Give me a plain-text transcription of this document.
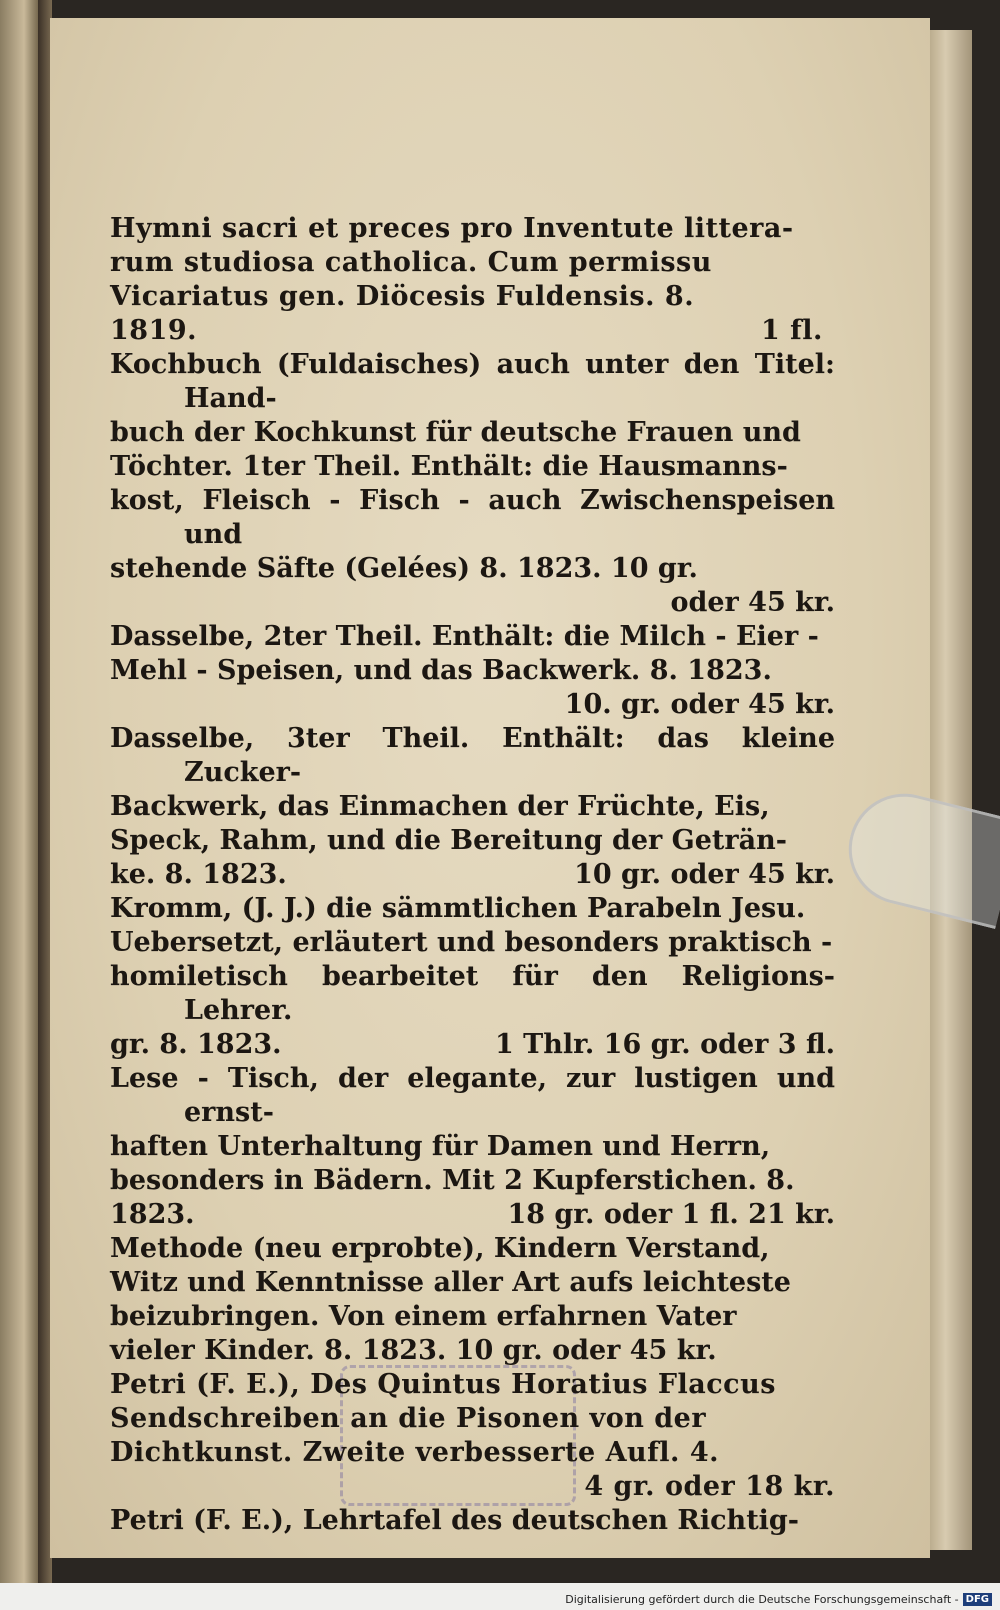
Hymni sacri et preces pro Inventute littera-
rum studiosa catholica. Cum permissu
Vicariatus gen. Diöcesis Fuldensis. 8.
1819.	1 fl.

Kochbuch (Fuldaisches) auch unter den Titel: Hand-
buch der Kochkunst für deutsche Frauen und
Töchter. 1ter Theil. Enthält: die Hausmanns-
kost, Fleisch - Fisch - auch Zwischenspeisen und
stehende Säfte (Gelées) 8. 1823. 10 gr.
oder 45 kr.

Dasselbe, 2ter Theil. Enthält: die Milch - Eier -
Mehl - Speisen, und das Backwerk. 8. 1823.
10. gr. oder 45 kr.

Dasselbe, 3ter Theil. Enthält: das kleine Zucker-
Backwerk, das Einmachen der Früchte, Eis,
Speck, Rahm, und die Bereitung der Geträn-
ke. 8. 1823.	10 gr. oder 45 kr.

Kromm, (J. J.) die sämmtlichen Parabeln Jesu.
Uebersetzt, erläutert und besonders praktisch -
homiletisch bearbeitet für den Religions-Lehrer.
gr. 8. 1823.	1 Thlr. 16 gr. oder 3 fl.

Lese - Tisch, der elegante, zur lustigen und ernst-
haften Unterhaltung für Damen und Herrn,
besonders in Bädern. Mit 2 Kupferstichen. 8.
1823.	18 gr. oder 1 fl. 21 kr.

Methode (neu erprobte), Kindern Verstand,
Witz und Kenntnisse aller Art aufs leichteste
beizubringen. Von einem erfahrnen Vater
vieler Kinder. 8. 1823. 10 gr. oder 45 kr.

Petri (F. E.), Des Quintus Horatius Flaccus
Sendschreiben an die Pisonen von der
Dichtkunst. Zweite verbesserte Aufl. 4.
4 gr. oder 18 kr.

Petri (F. E.), Lehrtafel des deutschen Richtig-

Digitalisierung gefördert durch die Deutsche Forschungsgemeinschaft - DFG
